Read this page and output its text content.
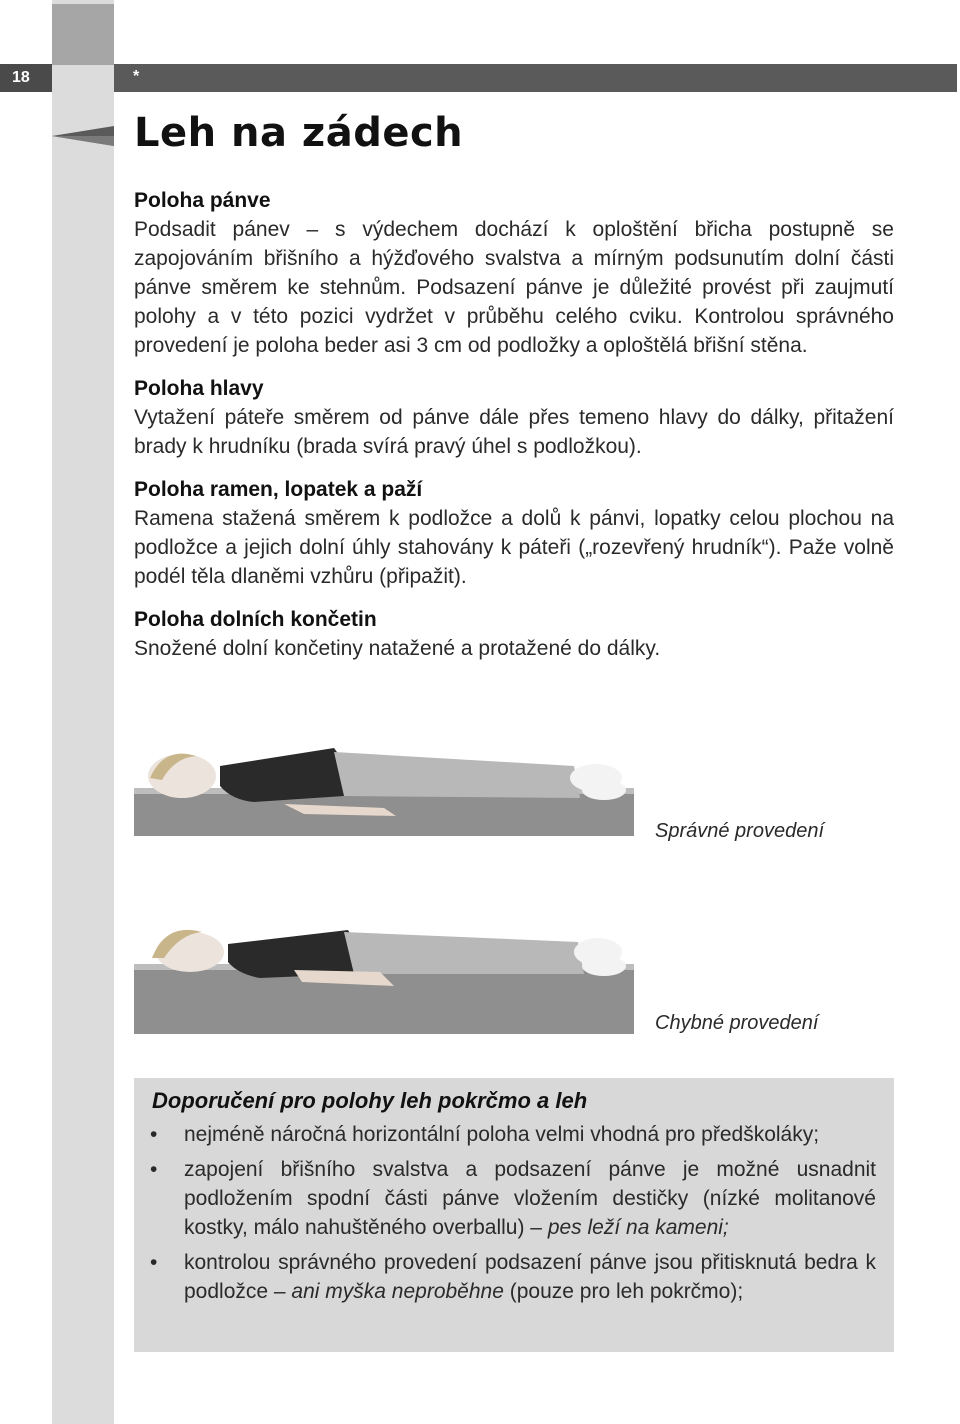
18	*
Leh na zádech
Poloha pánve

Podsadit pánev – s výdechem dochází k oploštění břicha postupně se zapojováním břišního a hýžďového svalstva a mírným podsunutím dolní části pánve směrem ke stehnům. Podsazení pánve je důležité provést při zaujmutí polohy a v této pozici vydržet v průběhu celého cviku. Kontrolou správného provedení je poloha beder asi 3 cm od podložky a oploštělá břišní stěna.

Poloha hlavy

Vytažení páteře směrem od pánve dále přes temeno hlavy do dálky, přitažení brady k hrudníku (brada svírá pravý úhel s podložkou).

Poloha ramen, lopatek a paží

Ramena stažená směrem k podložce a dolů k pánvi, lopatky celou plochou na podložce a jejich dolní úhly stahovány k páteři („rozevřený hrudník“). Paže volně podél těla dlaněmi vzhůru (připažit).

Poloha dolních končetin

Snožené dolní končetiny natažené a protažené do dálky.

Správné provedení
Chybné provedení

Doporučení pro polohy leh pokrčmo a leh

• nejméně náročná horizontální poloha velmi vhodná pro předškoláky;
• zapojení břišního svalstva a podsazení pánve je možné usnadnit podložením spodní části pánve vložením destičky (nízké molitanové kostky, málo nahuštěného overballu) – pes leží na kameni;
• kontrolou správného provedení podsazení pánve jsou přitisknutá bedra k podložce – ani myška neproběhne (pouze pro leh pokrčmo);
